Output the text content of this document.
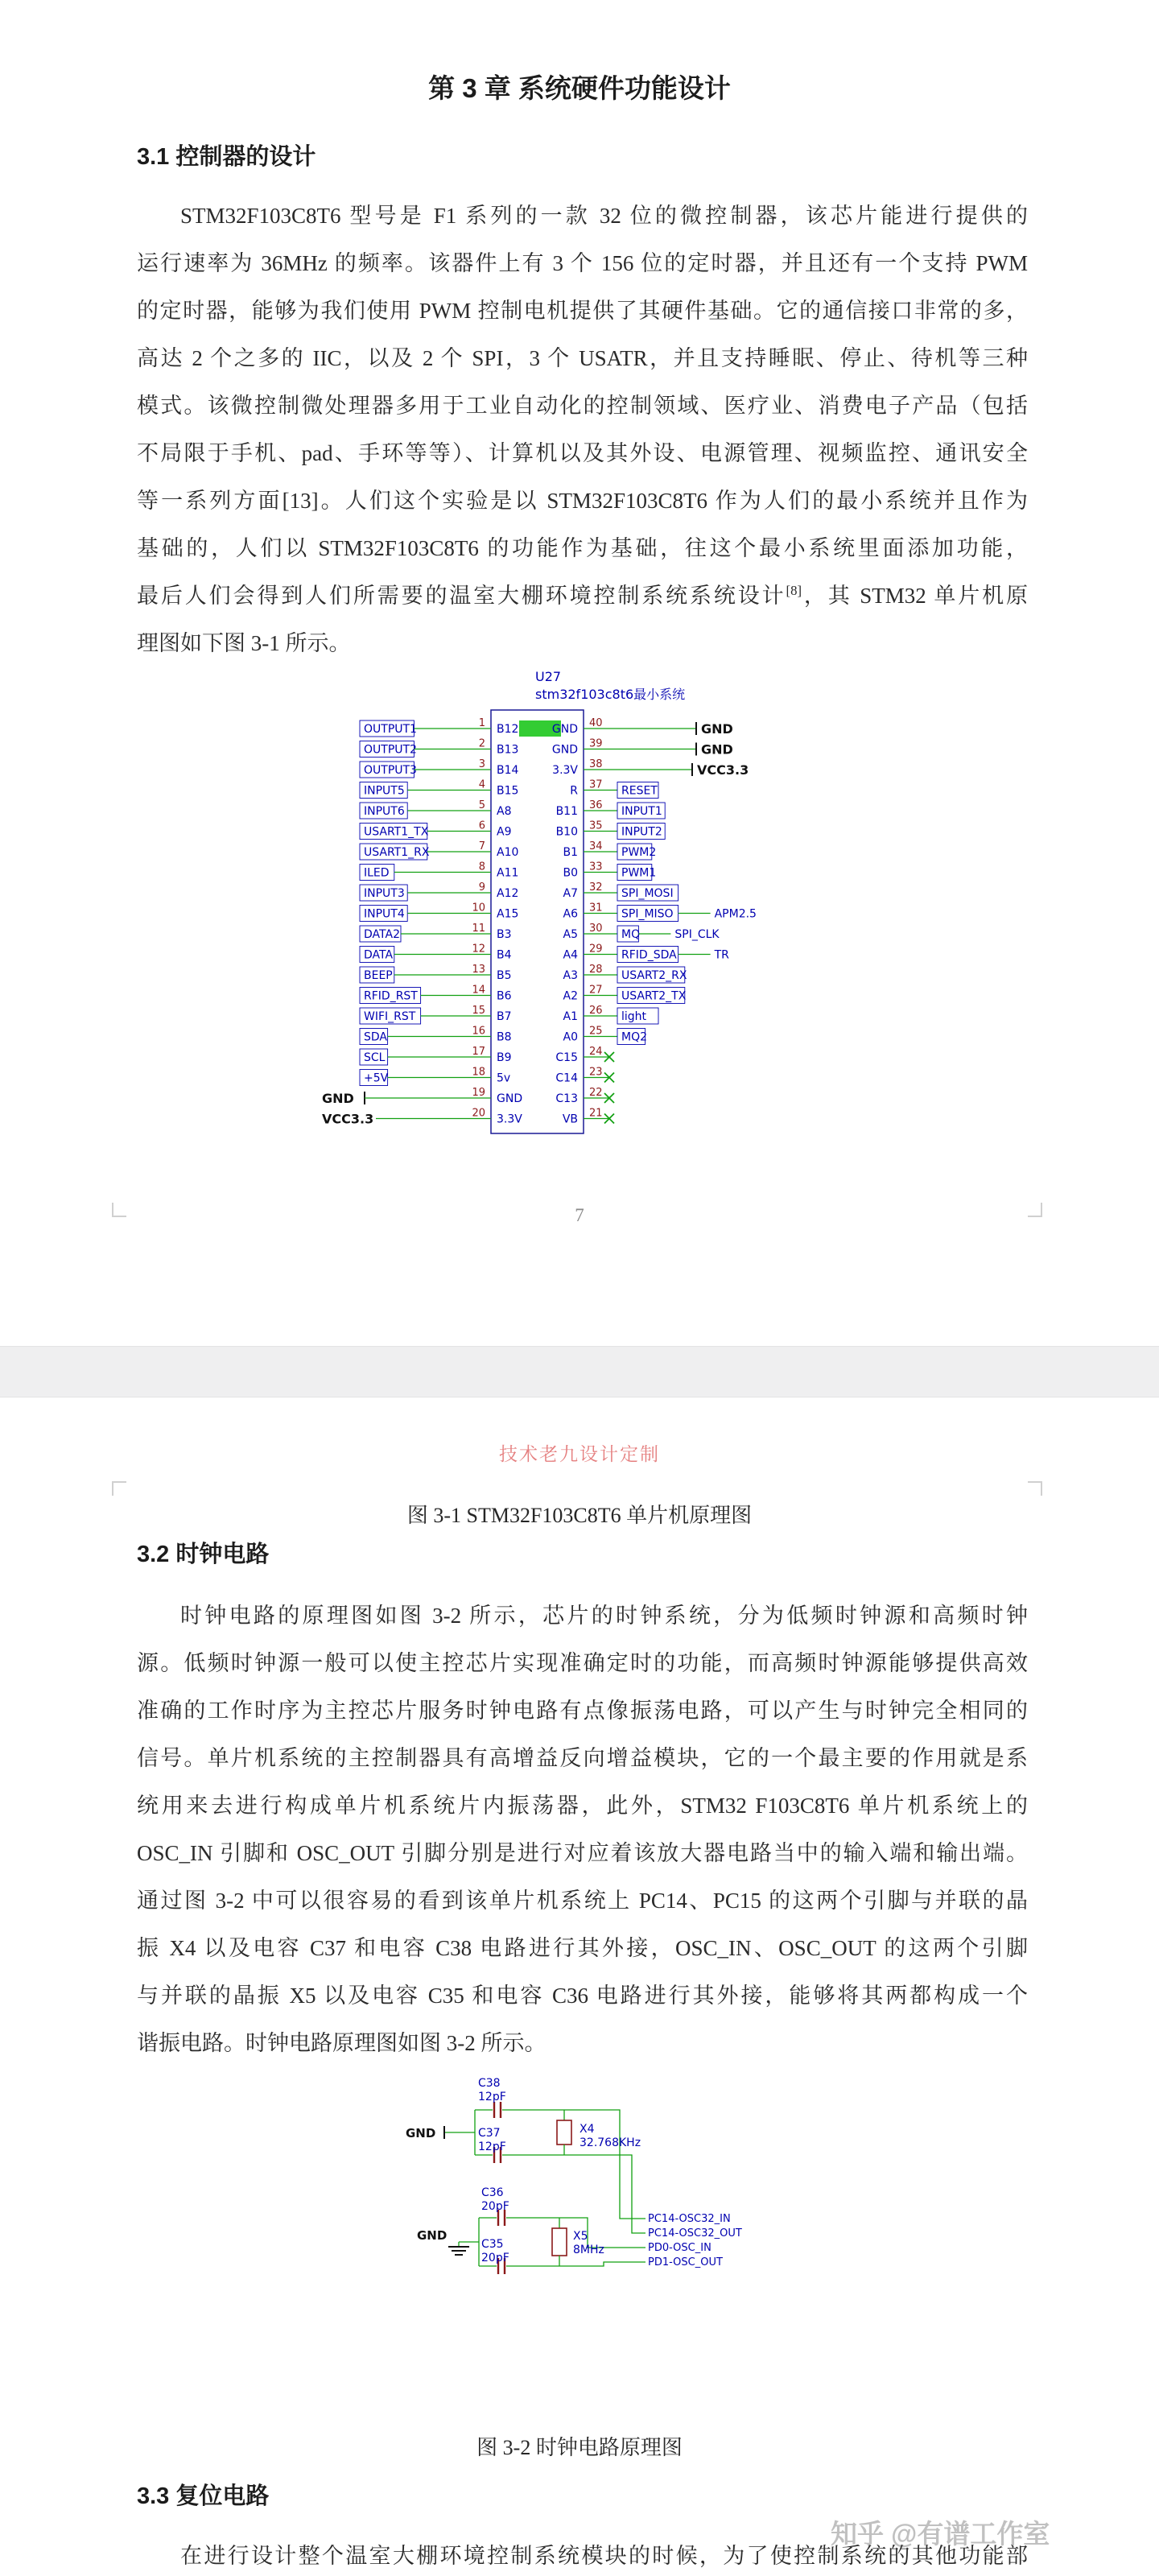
第 3 章 系统硬件功能设计
3.1 控制器的设计
STM32F103C8T6 型号是 F1 系列的一款 32 位的微控制器，该芯片能进行提供的
运行速率为 36MHz 的频率。该器件上有 3 个 156 位的定时器，并且还有一个支持 PWM
的定时器，能够为我们使用 PWM 控制电机提供了其硬件基础。它的通信接口非常的多，
高达 2 个之多的 IIC，以及 2 个 SPI，3 个 USATR，并且支持睡眠、停止、待机等三种
模式。该微控制微处理器多用于工业自动化的控制领域、医疗业、消费电子产品（包括
不局限于手机、pad、手环等等）、计算机以及其外设、电源管理、视频监控、通讯安全
等一系列方面[13]。人们这个实验是以 STM32F103C8T6 作为人们的最小系统并且作为
基础的，人们以 STM32F103C8T6 的功能作为基础，往这个最小系统里面添加功能，
最后人们会得到人们所需要的温室大棚环境控制系统系统设计[8]，其 STM32 单片机原
理图如下图 3-1 所示。
U27
stm32f103c8t6最小系统
OUTPUT1	1 B12
OUTPUT2	2 B13
OUTPUT3	3 B14
INPUT5	4 B15
INPUT6	5 A8
USART1_TX	6 A9
USART1_RX	7 A10
ILED	8 A11
INPUT3	9 A12
INPUT4	10 A15
DATA2	11 B3
DATA	12 B4
BEEP	13 B5
RFID_RST	14 B6
WIFI_RST	15 B7
SDA	16 B8
SCL	17 B9
+5V	18 5v
GND	19 GND
VCC3.3	20 3.3V
GND 40	GND
GND 39	GND
3.3V 38	VCC3.3
R 37 RESET
B11 36 INPUT1
B10 35 INPUT2
B1 34 PWM2
B0 33 PWM1
A7 32 SPI_MOSI
A6 31 SPI_MISO	APM2.5
A5 30 MQ	SPI_CLK
A4 29 RFID_SDA	TR
A3 28 USART2_RX
A2 27 USART2_TX
A1 26 light
A0 25 MQ2
C15 24
C14 23
C13 22
VB 21
7
技术老九设计定制
图 3-1 STM32F103C8T6 单片机原理图
3.2 时钟电路
时钟电路的原理图如图 3-2 所示，芯片的时钟系统，分为低频时钟源和高频时钟
源。低频时钟源一般可以使主控芯片实现准确定时的功能，而高频时钟源能够提供高效
准确的工作时序为主控芯片服务时钟电路有点像振荡电路，可以产生与时钟完全相同的
信号。单片机系统的主控制器具有高增益反向增益模块，它的一个最主要的作用就是系
统用来去进行构成单片机系统片内振荡器，此外，STM32 F103C8T6 单片机系统上的
OSC_IN 引脚和 OSC_OUT 引脚分别是进行对应着该放大器电路当中的输入端和输出端。
通过图 3-2 中可以很容易的看到该单片机系统上 PC14、PC15 的这两个引脚与并联的晶
振 X4 以及电容 C37 和电容 C38 电路进行其外接，OSC_IN、OSC_OUT 的这两个引脚
与并联的晶振 X5 以及电容 C35 和电容 C36 电路进行其外接，能够将其两都构成一个
谐振电路。时钟电路原理图如图 3-2 所示。
GND
C38
12pF
C37
12pF
X4
32.768KHz
GND
C36
20pF
C35
20pF
X5
8MHz
PC14-OSC32_IN
PC14-OSC32_OUT
PD0-OSC_IN
PD1-OSC_OUT
图 3-2 时钟电路原理图
3.3 复位电路
在进行设计整个温室大棚环境控制系统模块的时候，为了使控制系统的其他功能部
知乎 @有谱工作室
